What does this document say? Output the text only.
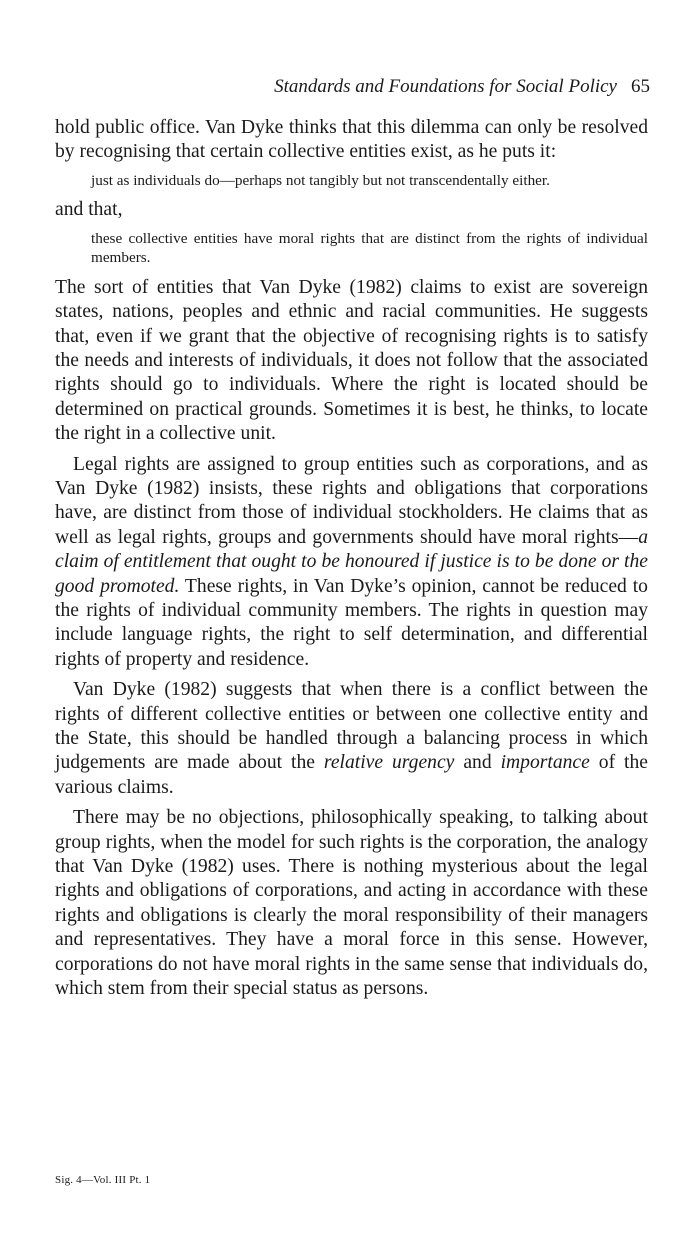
Standards and Foundations for Social Policy 65

hold public office. Van Dyke thinks that this dilemma can only be resolved by recognising that certain collective entities exist, as he puts it:

just as individuals do—perhaps not tangibly but not transcendentally either.

and that,

these collective entities have moral rights that are distinct from the rights of individual members.

The sort of entities that Van Dyke (1982) claims to exist are sovereign states, nations, peoples and ethnic and racial communities. He suggests that, even if we grant that the objective of recognising rights is to satisfy the needs and interests of individuals, it does not follow that the associated rights should go to individuals. Where the right is located should be determined on practical grounds. Sometimes it is best, he thinks, to locate the right in a collective unit.

Legal rights are assigned to group entities such as corporations, and as Van Dyke (1982) insists, these rights and obligations that corporations have, are distinct from those of individual stockholders. He claims that as well as legal rights, groups and governments should have moral rights—a claim of entitlement that ought to be honoured if justice is to be done or the good promoted. These rights, in Van Dyke’s opinion, cannot be reduced to the rights of individual community members. The rights in question may include language rights, the right to self determination, and differential rights of property and residence.

Van Dyke (1982) suggests that when there is a conflict between the rights of different collective entities or between one collective entity and the State, this should be handled through a balancing process in which judgements are made about the relative urgency and importance of the various claims.

There may be no objections, philosophically speaking, to talking about group rights, when the model for such rights is the corporation, the analogy that Van Dyke (1982) uses. There is nothing mysterious about the legal rights and obligations of corporations, and acting in accordance with these rights and obligations is clearly the moral responsibility of their managers and representatives. They have a moral force in this sense. However, corporations do not have moral rights in the same sense that individuals do, which stem from their special status as persons.

Sig. 4—Vol. III Pt. 1
